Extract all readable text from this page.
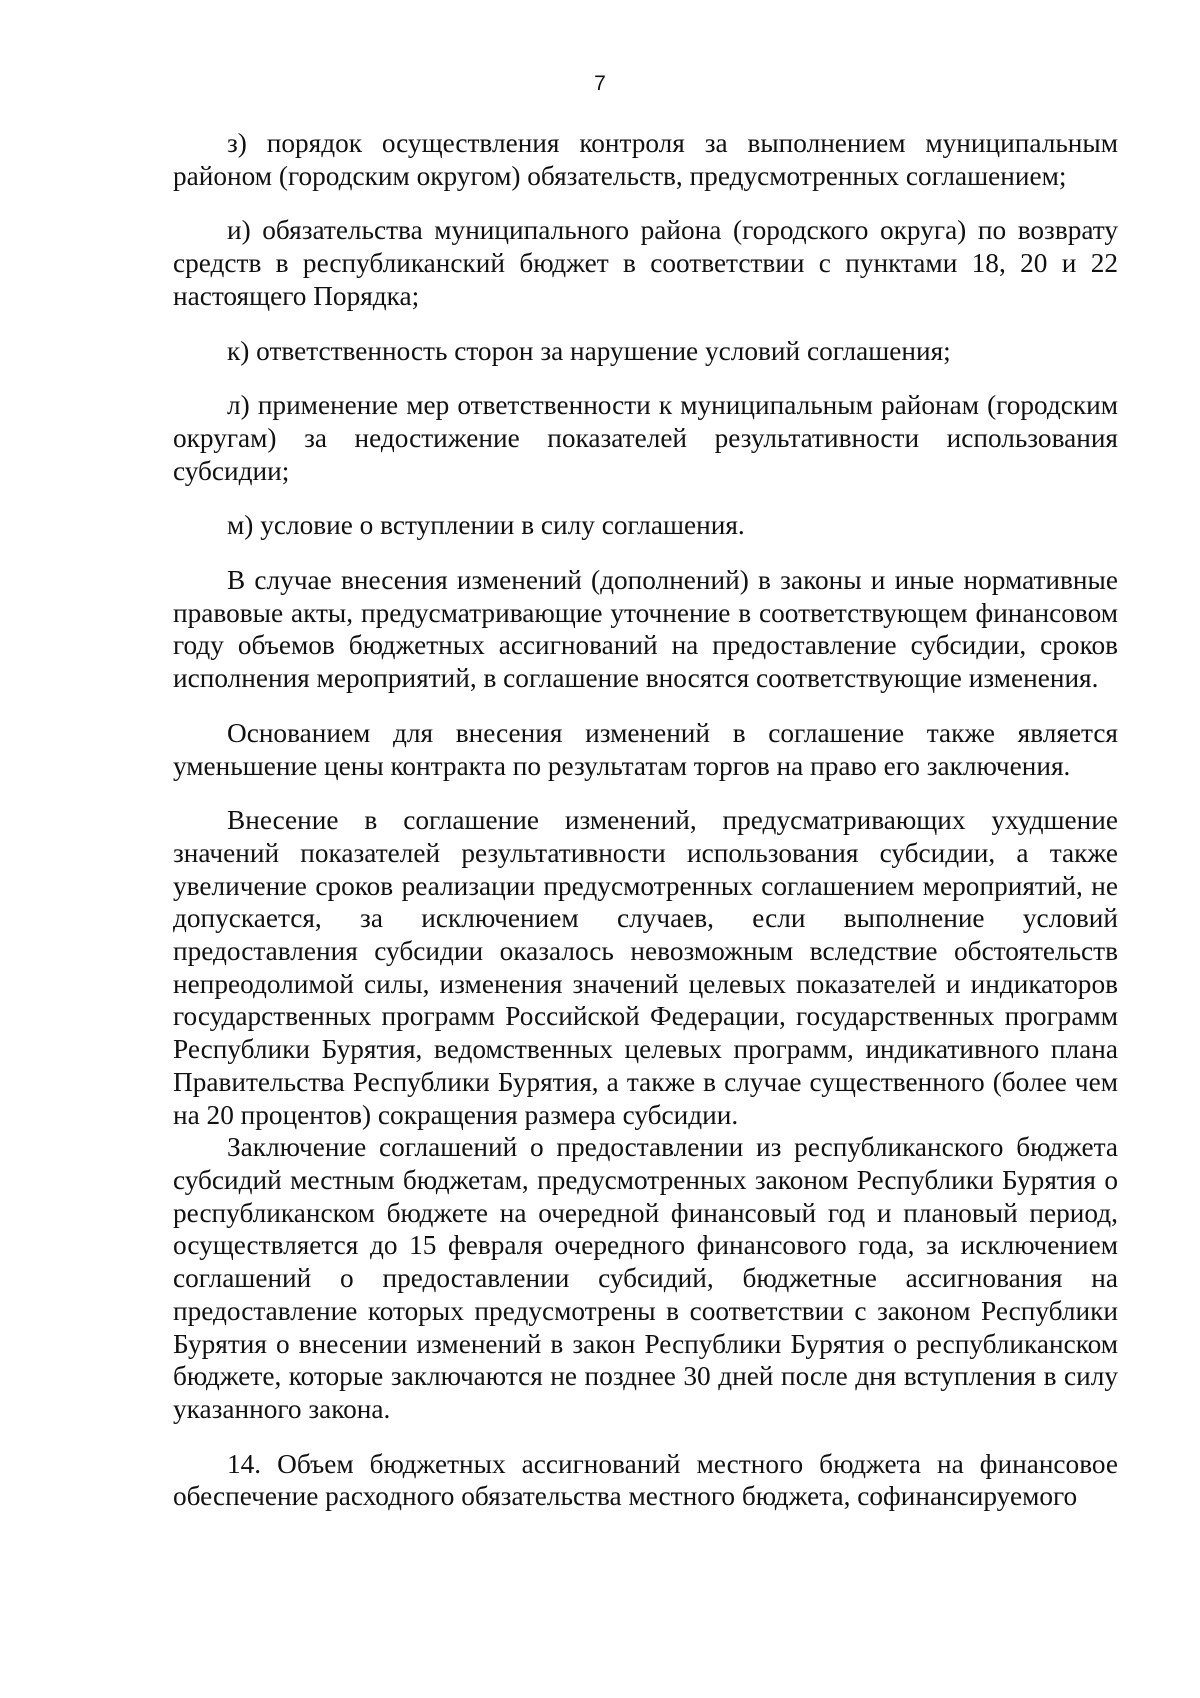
7

з) порядок осуществления контроля за выполнением муниципальным районом (городским округом) обязательств, предусмотренных соглашением;

и) обязательства муниципального района (городского округа) по возврату средств в республиканский бюджет в соответствии с пунктами 18, 20 и 22 настоящего Порядка;

к) ответственность сторон за нарушение условий соглашения;

л) применение мер ответственности к муниципальным районам (городским округам) за недостижение показателей результативности использования субсидии;

м) условие о вступлении в силу соглашения.

В случае внесения изменений (дополнений) в законы и иные нормативные правовые акты, предусматривающие уточнение в соответствующем финансовом году объемов бюджетных ассигнований на предоставление субсидии, сроков исполнения мероприятий, в соглашение вносятся соответствующие изменения.

Основанием для внесения изменений в соглашение также является уменьшение цены контракта по результатам торгов на право его заключения.

Внесение в соглашение изменений, предусматривающих ухудшение значений показателей результативности использования субсидии, а также увеличение сроков реализации предусмотренных соглашением мероприятий, не допускается, за исключением случаев, если выполнение условий предоставления субсидии оказалось невозможным вследствие обстоятельств непреодолимой силы, изменения значений целевых показателей и индикаторов государственных программ Российской Федерации, государственных программ Республики Бурятия, ведомственных целевых программ, индикативного плана Правительства Республики Бурятия, а также в случае существенного (более чем на 20 процентов) сокращения размера субсидии.

Заключение соглашений о предоставлении из республиканского бюджета субсидий местным бюджетам, предусмотренных законом Республики Бурятия о республиканском бюджете на очередной финансовый год и плановый период, осуществляется до 15 февраля очередного финансового года, за исключением соглашений о предоставлении субсидий, бюджетные ассигнования на предоставление которых предусмотрены в соответствии с законом Республики Бурятия о внесении изменений в закон Республики Бурятия о республиканском бюджете, которые заключаются не позднее 30 дней после дня вступления в силу указанного закона.

14. Объем бюджетных ассигнований местного бюджета на финансовое обеспечение расходного обязательства местного бюджета, софинансируемого
